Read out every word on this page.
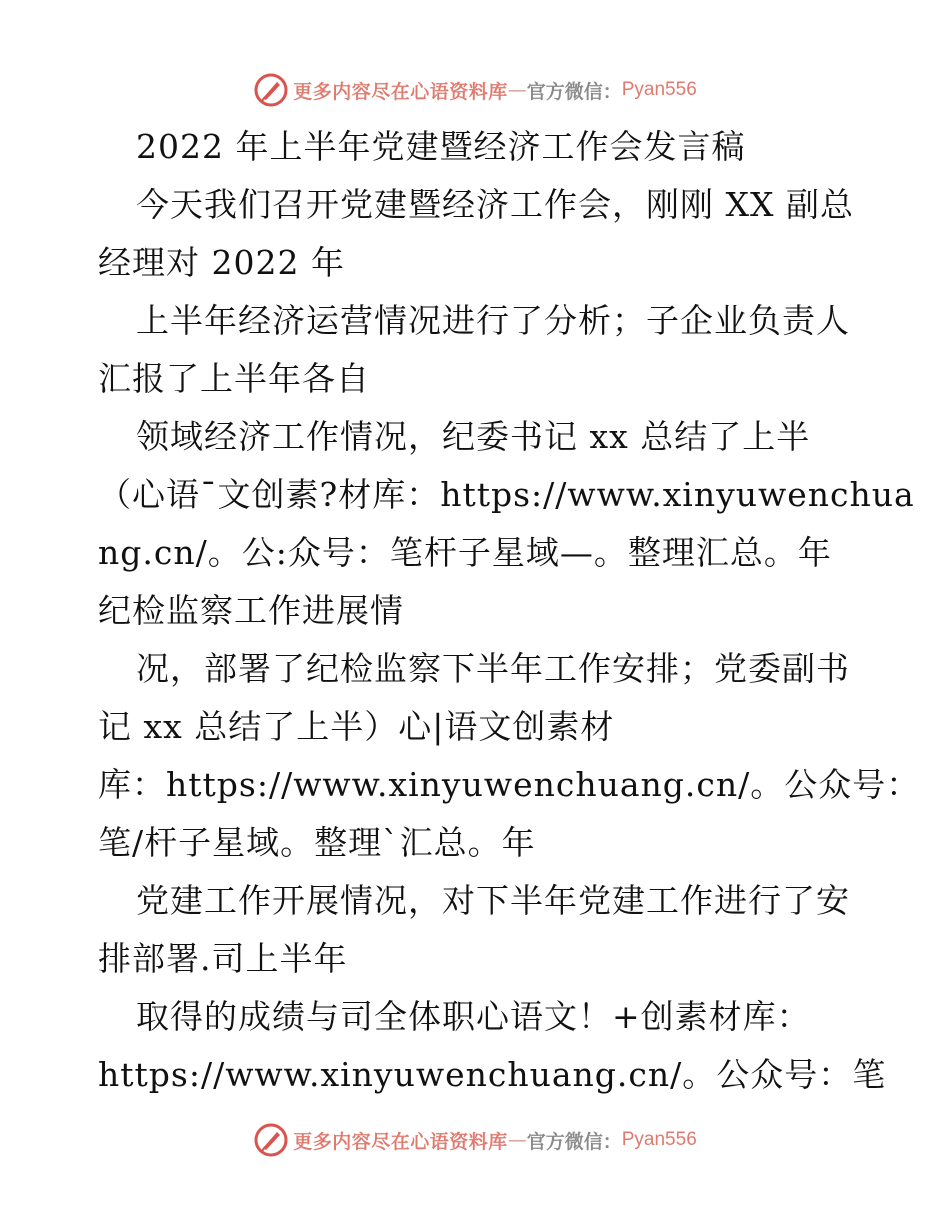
更多内容尽在心语资料库 — 官方微信： Pyan556
2022 年上半年党建暨经济工作会发言稿
今天我们召开党建暨经济工作会，刚刚 XX 副总
经理对 2022 年
上半年经济运营情况进行了分析；子企业负责人
汇报了上半年各自
领域经济工作情况，纪委书记 xx 总结了上半
（心语¯文创素?材库：https://www.xinyuwenchua
ng.cn/。公:众号：笔杆子星域—。整理汇总。年
纪检监察工作进展情
况，部署了纪检监察下半年工作安排；党委副书
记 xx 总结了上半）心|语文创素材
库：https://www.xinyuwenchuang.cn/。公众号：
笔/杆子星域。整理`汇总。年
党建工作开展情况，对下半年党建工作进行了安
排部署.司上半年
取得的成绩与司全体职心语文！+创素材库：
https://www.xinyuwenchuang.cn/。公众号：笔
更多内容尽在心语资料库 — 官方微信： Pyan556
